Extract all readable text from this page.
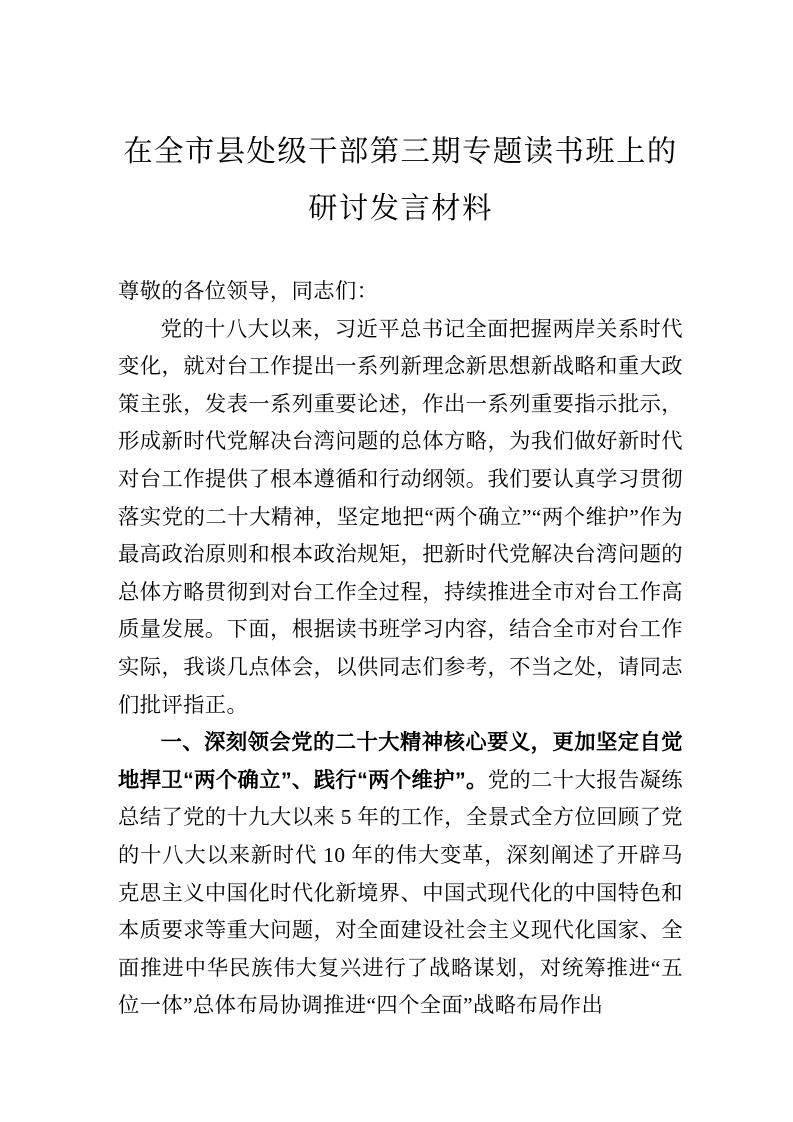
在全市县处级干部第三期专题读书班上的
研讨发言材料

尊敬的各位领导，同志们：

党的十八大以来，习近平总书记全面把握两岸关系时代变化，就对台工作提出一系列新理念新思想新战略和重大政策主张，发表一系列重要论述，作出一系列重要指示批示，形成新时代党解决台湾问题的总体方略，为我们做好新时代对台工作提供了根本遵循和行动纲领。我们要认真学习贯彻落实党的二十大精神，坚定地把“两个确立”“两个维护”作为最高政治原则和根本政治规矩，把新时代党解决台湾问题的总体方略贯彻到对台工作全过程，持续推进全市对台工作高质量发展。下面，根据读书班学习内容，结合全市对台工作实际，我谈几点体会，以供同志们参考，不当之处，请同志们批评指正。

一、深刻领会党的二十大精神核心要义，更加坚定自觉地捍卫“两个确立”、践行“两个维护”。党的二十大报告凝练总结了党的十九大以来 5 年的工作，全景式全方位回顾了党的十八大以来新时代 10 年的伟大变革，深刻阐述了开辟马克思主义中国化时代化新境界、中国式现代化的中国特色和本质要求等重大问题，对全面建设社会主义现代化国家、全面推进中华民族伟大复兴进行了战略谋划，对统筹推进“五位一体”总体布局协调推进“四个全面”战略布局作出
